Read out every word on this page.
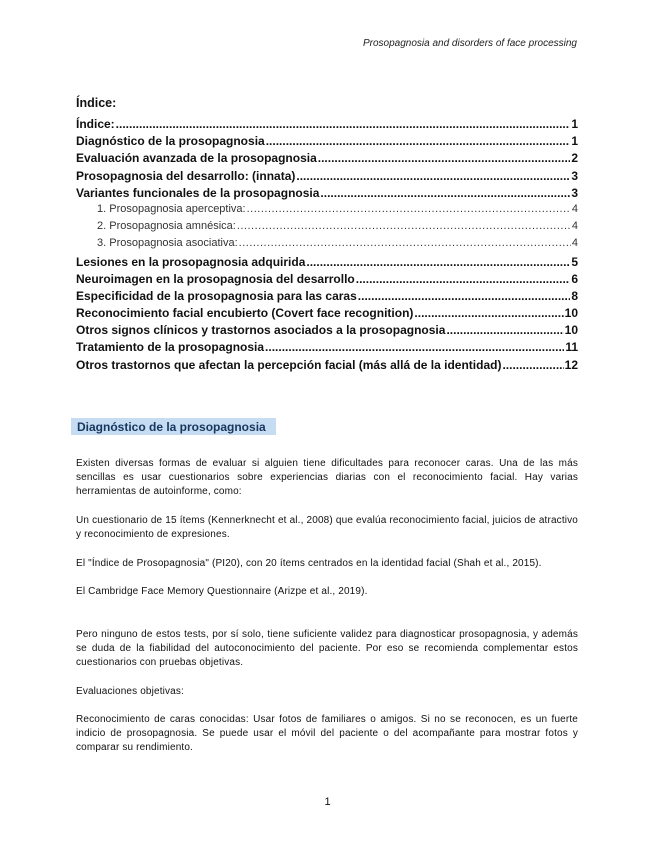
Prosopagnosia and disorders of face processing
Índice:
Índice: .....	1
Diagnóstico de la prosopagnosia .....	1
Evaluación avanzada de la prosopagnosia .....	2
Prosopagnosia del desarrollo: (innata) .....	3
Variantes funcionales de la prosopagnosia .....	3
1. Prosopagnosia aperceptiva: .....	4
2. Prosopagnosia amnésica: .....	4
3. Prosopagnosia asociativa: .....	4
Lesiones en la prosopagnosia adquirida .....	5
Neuroimagen en la prosopagnosia del desarrollo .....	6
Especificidad de la prosopagnosia para las caras .....	8
Reconocimiento facial encubierto (Covert face recognition) .....	10
Otros signos clínicos y trastornos asociados a la prosopagnosia .....	10
Tratamiento de la prosopagnosia .....	11
Otros trastornos que afectan la percepción facial (más allá de la identidad) .....	12
Diagnóstico de la prosopagnosia

Existen diversas formas de evaluar si alguien tiene dificultades para reconocer caras. Una de las más sencillas es usar cuestionarios sobre experiencias diarias con el reconocimiento facial. Hay varias herramientas de autoinforme, como:

Un cuestionario de 15 ítems (Kennerknecht et al., 2008) que evalúa reconocimiento facial, juicios de atractivo y reconocimiento de expresiones.

El "Índice de Prosopagnosia" (PI20), con 20 ítems centrados en la identidad facial (Shah et al., 2015).

El Cambridge Face Memory Questionnaire (Arizpe et al., 2019).

Pero ninguno de estos tests, por sí solo, tiene suficiente validez para diagnosticar prosopagnosia, y además se duda de la fiabilidad del autoconocimiento del paciente. Por eso se recomienda complementar estos cuestionarios con pruebas objetivas.

Evaluaciones objetivas:

Reconocimiento de caras conocidas: Usar fotos de familiares o amigos. Si no se reconocen, es un fuerte indicio de prosopagnosia. Se puede usar el móvil del paciente o del acompañante para mostrar fotos y comparar su rendimiento.

1
